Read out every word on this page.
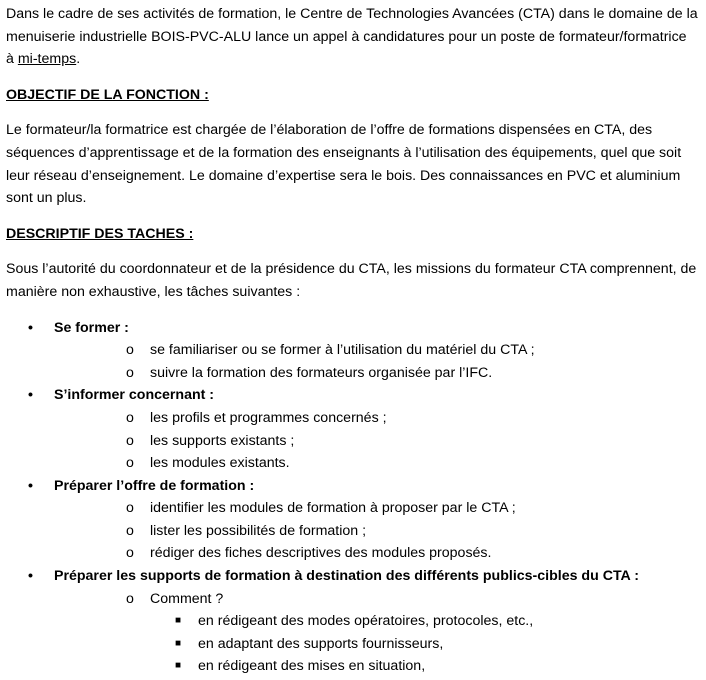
Dans le cadre de ses activités de formation, le Centre de Technologies Avancées (CTA) dans le domaine de la menuiserie industrielle BOIS-PVC-ALU lance un appel à candidatures pour un poste de formateur/formatrice à mi-temps.

OBJECTIF DE LA FONCTION :

Le formateur/la formatrice est chargée de l’élaboration de l’offre de formations dispensées en CTA, des séquences d’apprentissage et de la formation des enseignants à l’utilisation des équipements, quel que soit leur réseau d’enseignement. Le domaine d’expertise sera le bois. Des connaissances en PVC et aluminium sont un plus.

DESCRIPTIF DES TACHES :

Sous l’autorité du coordonnateur et de la présidence du CTA, les missions du formateur CTA comprennent, de manière non exhaustive, les tâches suivantes :

• Se former :
o se familiariser ou se former à l’utilisation du matériel du CTA ;
o suivre la formation des formateurs organisée par l’IFC.
• S’informer concernant :
o les profils et programmes concernés ;
o les supports existants ;
o les modules existants.
• Préparer l’offre de formation :
o identifier les modules de formation à proposer par le CTA ;
o lister les possibilités de formation ;
o rédiger des fiches descriptives des modules proposés.
• Préparer les supports de formation à destination des différents publics-cibles du CTA :
o Comment ?
■ en rédigeant des modes opératoires, protocoles, etc.,
■ en adaptant des supports fournisseurs,
■ en rédigeant des mises en situation,
